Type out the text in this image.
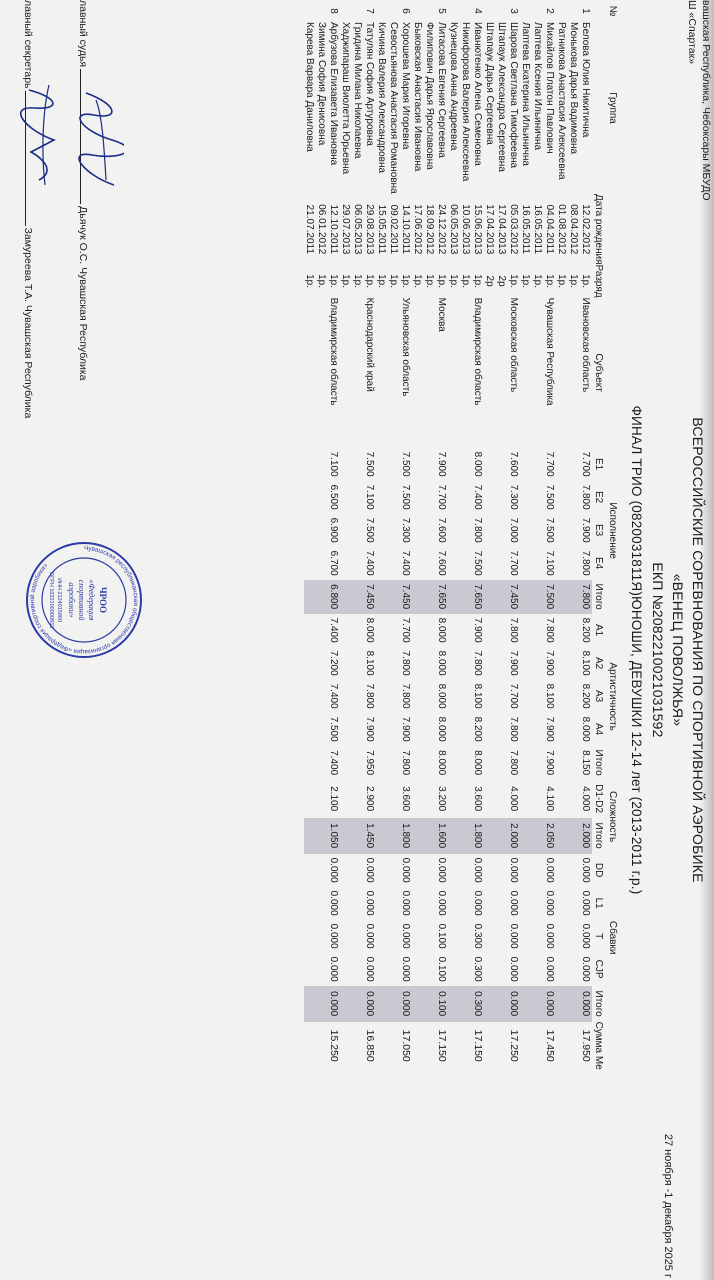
вашская Республика, Чебоксары МБУДО
Ш «Спартак»
ВСЕРОССИЙСКИЕ СОРЕВНОВАНИЯ ПО СПОРТИВНОЙ АЭРОБИКЕ
«ВЕНЕЦ ПОВОЛЖЬЯ»
ЕКП №2082210021031592
ФИНАЛ ТРИО (0820031811Я)ЮНОШИ, ДЕВУШКИ 12-14 лет (2013-2011 г.р.)
27 ноября -1 декабря 2025 г
№	Группа				Исполнение					Артистичность					Сложность		Сбавки					
		Дата рождения	Разряд	Субъект	E1	E2	E3	E4	Итого	A1	A2	A3	A4	Итого	D1-D2	Итого	DD	L1	T	CJP	Итого	Сумма Ме
1	Белова Юлия Никитична	12.02.2012	1р.	Ивановская область	7.700	7.800	7.900	7.800	7.800	8.200	8.100	8.200	8.000	8.150	4.000	2.000	0.000	0.000	0.000	0.000	0.000	17.950
	Монькова Дарья Вадимовна	08.04.2012	1р.																			
	Ратникова Анастасия Алексеевна	01.08.2012	1р.																			
2	Михайлов Платон Павлович	04.04.2011	1р.	Чувашская Республика	7.700	7.500	7.500	7.100	7.500	7.800	7.900	8.100	7.900	7.900	4.100	2.050	0.000	0.000	0.000	0.000	0.000	17.450
	Лаптева Ксения Ильинична	16.05.2011	1р.																			
	Лаптева Екатерина Ильинична	16.05.2011	1р.																			
3	Шарова Светлана Тимофеевна	05.03.2012	1р.	Московская область	7.600	7.300	7.000	7.700	7.450	7.800	7.900	7.700	7.800	7.800	4.000	2.000	0.000	0.000	0.000	0.000	0.000	17.250
	Штапаук Александра Сергеевна	17.04.2013	2р																			
	Штапаук Дарья Сергеевна	17.04.2013	2р																			
4	Иванютенко Алена Семеновна	15.06.2013	1р.	Владимирская область	8.000	7.400	7.800	7.500	7.650	7.900	7.800	8.100	8.200	8.000	3.600	1.800	0.000	0.000	0.300	0.300	0.300	17.150
	Никифорова Валерия Алексеевна	10.06.2013	1р.																			
	Кузнецова Анна Андреевна	06.05.2013	1р.																			
5	Литасова Евгения Сергеевна	24.12.2012	1р.	Москва	7.900	7.700	7.600	7.600	7.650	8.000	8.000	8.000	8.000	8.000	3.200	1.600	0.000	0.000	0.100	0.100	0.100	17.150
	Филипович Дарья Ярославовна	18.09.2012	1р.																			
	Быковская Анастасия Ивановна	17.06.2012	1р.																			
6	Хорошева Мария Игоревна	14.10.2011	1р.	Ульяновская область	7.500	7.500	7.300	7.400	7.450	7.700	7.800	7.800	7.900	7.800	3.600	1.800	0.000	0.000	0.000	0.000	0.000	17.050
	Севостьянова Анастасия Романовна	09.02.2011	1р.																			
	Кичина Валерия Александровна	15.05.2011	1р.																			
7	Татулян София Артуровна	29.08.2013	1р.	Краснодарский край	7.500	7.100	7.500	7.400	7.450	8.000	8.100	7.800	7.900	7.950	2.900	1.450	0.000	0.000	0.000	0.000	0.000	16.850
	Гридина Милана Николаевна	06.05.2013	1р.																			
	Хаджипараш Виолетта Юрьевна	29.07.2013	1р.																			
8	Арбузова Елизавета Ивановна	12.10.2011	1р.	Владимирская область	7.100	6.500	6.900	6.700	6.800	7.400	7.200	7.400	7.500	7.400	2.100	1.050	0.000	0.000	0.000	0.000	0.000	15.250
	Зимина София Денисовна	06.01.2012	1р.																			
	Карева Варвара Даниловна	21.07.2011	1р.																			
лавный судьяДьячук О.С. Чувашская Республика
лавный секретарьЗамуреева Т.А. Чувашская Республика
Чувашская республиканская общественная организация «Федерация спортивной аэробики»
ЧРОО
«Федерация
спортивной
аэробики»
ИНН 2124015860
ОГРН 1032100000833
